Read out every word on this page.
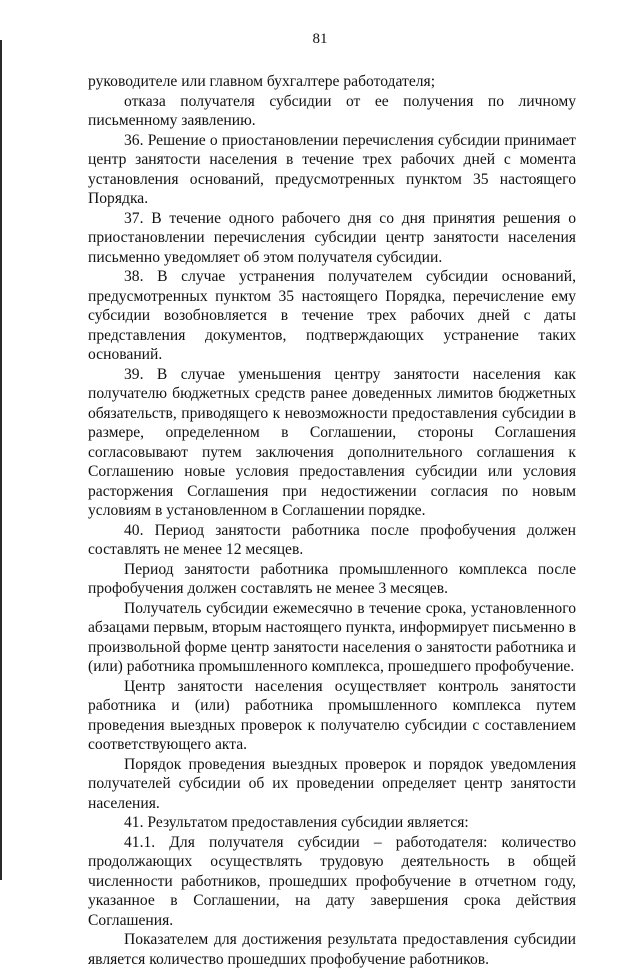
81

руководителе или главном бухгалтере работодателя;

отказа получателя субсидии от ее получения по личному письменному заявлению.

36. Решение о приостановлении перечисления субсидии принимает центр занятости населения в течение трех рабочих дней с момента установления оснований, предусмотренных пунктом 35 настоящего Порядка.

37. В течение одного рабочего дня со дня принятия решения о приостановлении перечисления субсидии центр занятости населения письменно уведомляет об этом получателя субсидии.

38. В случае устранения получателем субсидии оснований, предусмотренных пунктом 35 настоящего Порядка, перечисление ему субсидии возобновляется в течение трех рабочих дней с даты представления документов, подтверждающих устранение таких оснований.

39. В случае уменьшения центру занятости населения как получателю бюджетных средств ранее доведенных лимитов бюджетных обязательств, приводящего к невозможности предоставления субсидии в размере, определенном в Соглашении, стороны Соглашения согласовывают путем заключения дополнительного соглашения к Соглашению новые условия предоставления субсидии или условия расторжения Соглашения при недостижении согласия по новым условиям в установленном в Соглашении порядке.

40. Период занятости работника после профобучения должен составлять не менее 12 месяцев.

Период занятости работника промышленного комплекса после профобучения должен составлять не менее 3 месяцев.

Получатель субсидии ежемесячно в течение срока, установленного абзацами первым, вторым настоящего пункта, информирует письменно в произвольной форме центр занятости населения о занятости работника и (или) работника промышленного комплекса, прошедшего профобучение.

Центр занятости населения осуществляет контроль занятости работника и (или) работника промышленного комплекса путем проведения выездных проверок к получателю субсидии с составлением соответствующего акта.

Порядок проведения выездных проверок и порядок уведомления получателей субсидии об их проведении определяет центр занятости населения.

41. Результатом предоставления субсидии является:

41.1. Для получателя субсидии – работодателя: количество продолжающих осуществлять трудовую деятельность в общей численности работников, прошедших профобучение в отчетном году, указанное в Соглашении, на дату завершения срока действия Соглашения.

Показателем для достижения результата предоставления субсидии является количество прошедших профобучение работников.
